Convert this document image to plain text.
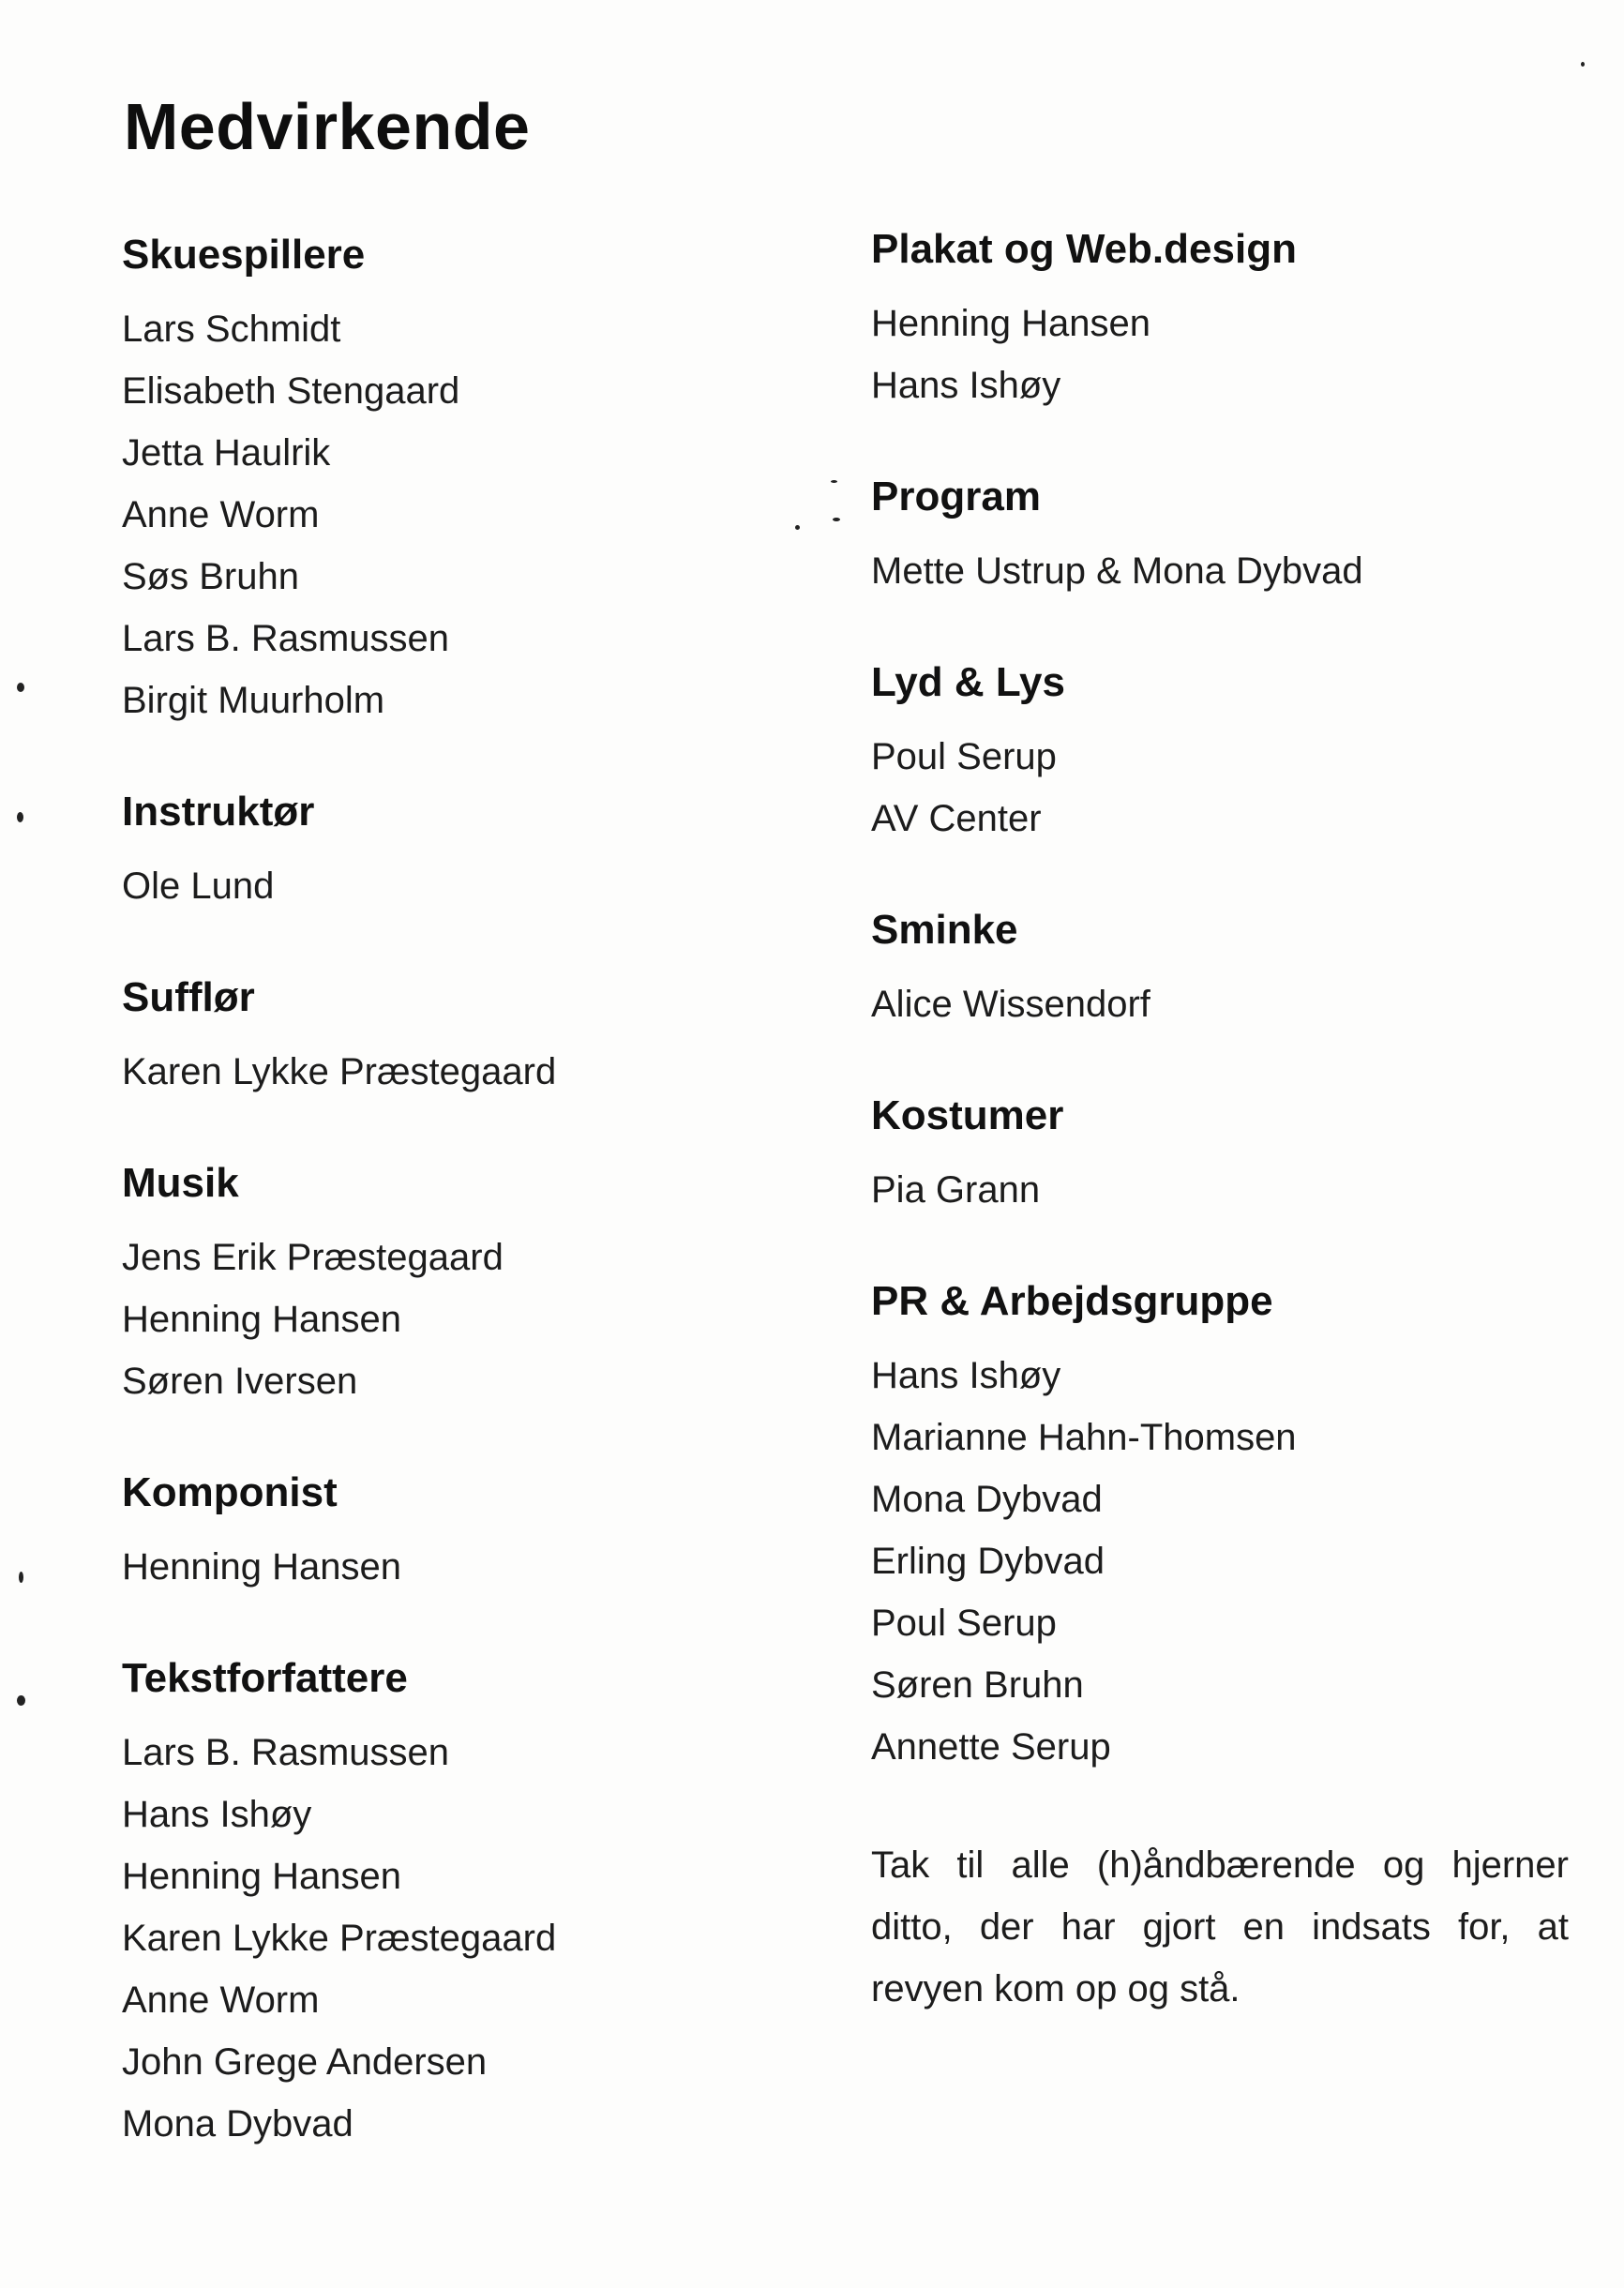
Medvirkende
Skuespillere
Lars Schmidt
Elisabeth Stengaard
Jetta Haulrik
Anne Worm
Søs Bruhn
Lars B. Rasmussen
Birgit Muurholm
Instruktør
Ole Lund
Sufflør
Karen Lykke Præstegaard
Musik
Jens Erik Præstegaard
Henning Hansen
Søren Iversen
Komponist
Henning Hansen
Tekstforfattere
Lars B. Rasmussen
Hans Ishøy
Henning Hansen
Karen Lykke Præstegaard
Anne Worm
John Grege Andersen
Mona Dybvad
Plakat og Web.design
Henning Hansen
Hans Ishøy
Program
Mette Ustrup & Mona Dybvad
Lyd & Lys
Poul Serup
AV Center
Sminke
Alice Wissendorf
Kostumer
Pia Grann
PR & Arbejdsgruppe
Hans Ishøy
Marianne Hahn-Thomsen
Mona Dybvad
Erling Dybvad
Poul Serup
Søren Bruhn
Annette Serup
Tak til alle (h)åndbærende og hjerner ditto, der har gjort en indsats for, at revyen kom op og stå.
